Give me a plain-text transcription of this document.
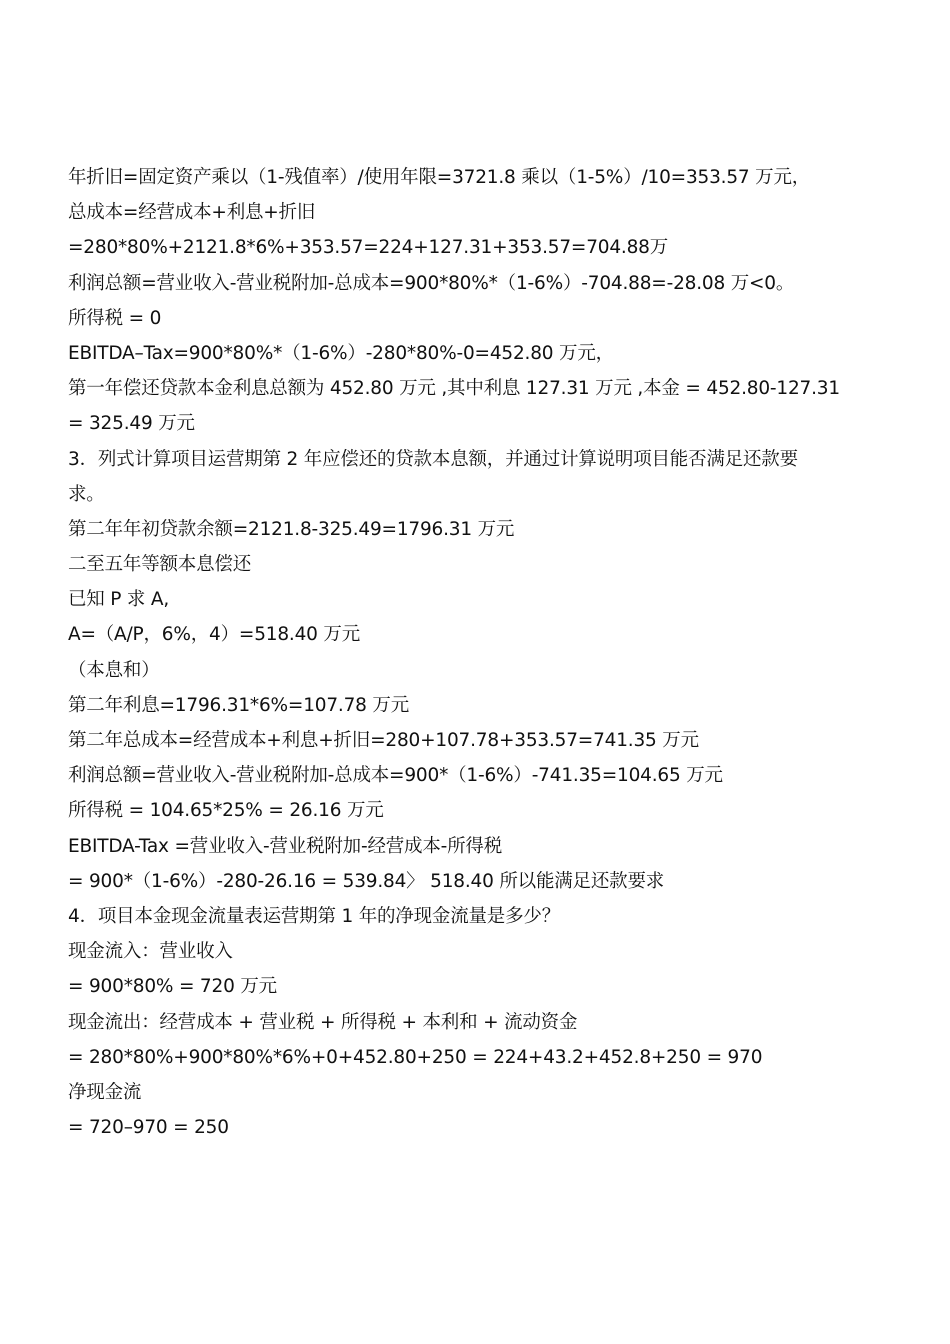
年折旧=固定资产乘以（1-残值率）/使用年限=3721.8 乘以（1-5%）/10=353.57 万元，
总成本=经营成本+利息+折旧
=280*80%+2121.8*6%+353.57=224+127.31+353.57=704.88万
利润总额=营业收入-营业税附加-总成本=900*80%*（1-6%）-704.88=-28.08 万<0。
所得税 = 0
EBITDA–Tax=900*80%*（1-6%）-280*80%-0=452.80 万元，
第一年偿还贷款本金利息总额为 452.80 万元 ,其中利息 127.31 万元 ,本金 = 452.80-127.31
= 325.49 万元
3．列式计算项目运营期第 2 年应偿还的贷款本息额，并通过计算说明项目能否满足还款要
求。
第二年年初贷款余额=2121.8-325.49=1796.31 万元
二至五年等额本息偿还
已知 P 求 A,
A=（A/P，6%，4）=518.40 万元
（本息和）
第二年利息=1796.31*6%=107.78 万元
第二年总成本=经营成本+利息+折旧=280+107.78+353.57=741.35 万元
利润总额=营业收入-营业税附加-总成本=900*（1-6%）-741.35=104.65 万元
所得税 = 104.65*25% = 26.16 万元
EBITDA-Tax =营业收入-营业税附加-经营成本-所得税
= 900*（1-6%）-280-26.16 = 539.84〉 518.40 所以能满足还款要求
4．项目本金现金流量表运营期第 1 年的净现金流量是多少？
现金流入：营业收入
= 900*80% = 720 万元
现金流出：经营成本 + 营业税 + 所得税 + 本利和 + 流动资金
= 280*80%+900*80%*6%+0+452.80+250 = 224+43.2+452.8+250 = 970
净现金流
= 720–970 = 250
